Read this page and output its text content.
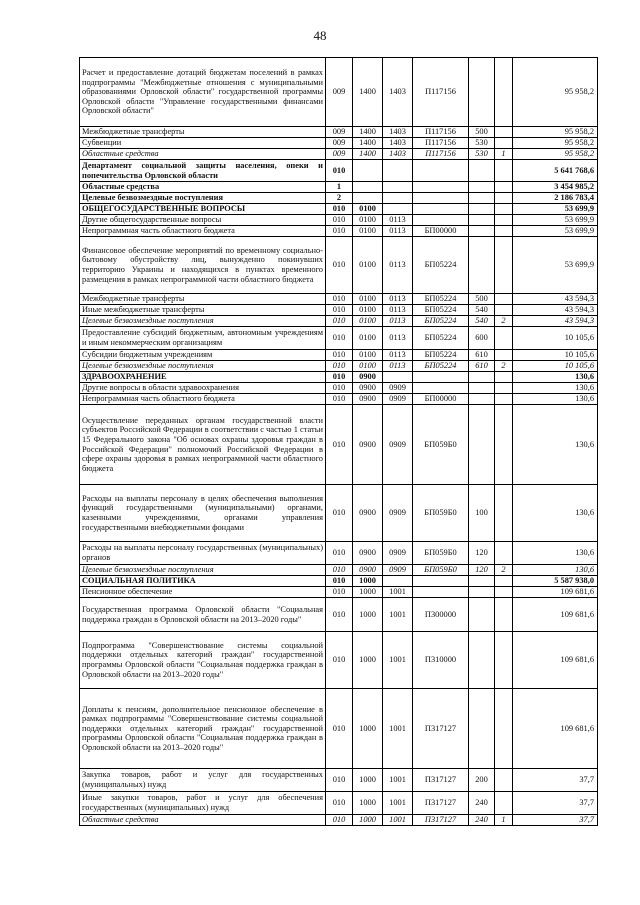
48
Расчет и предоставление дотаций бюджетам поселений в рамках подпрограммы "Межбюджетные отношения с муниципальными образованиями Орловской области" государственной программы Орловской области "Управление государственными финансами Орловской области"	009	1400	1403	П117156			95 958,2
Межбюджетные трансферты	009	1400	1403	П117156	500		95 958,2
Субвенции	009	1400	1403	П117156	530		95 958,2
Областные средства	009	1400	1403	П117156	530	1	95 958,2
Департамент социальной защиты населения, опеки и попечительства Орловской области	010						5 641 768,6
Областные средства	1						3 454 985,2
Целевые безвозмездные поступления	2						2 186 783,4
ОБЩЕГОСУДАРСТВЕННЫЕ ВОПРОСЫ	010	0100					53 699,9
Другие общегосударственные вопросы	010	0100	0113				53 699,9
Непрограммная часть областного бюджета	010	0100	0113	БП00000			53 699,9
Финансовое обеспечение мероприятий по временному социально-бытовому обустройству лиц, вынужденно покинувших территорию Украины и находящихся в пунктах временного размещения в рамках непрограммной части областного бюджета	010	0100	0113	БП05224			53 699,9
Межбюджетные трансферты	010	0100	0113	БП05224	500		43 594,3
Иные межбюджетные трансферты	010	0100	0113	БП05224	540		43 594,3
Целевые безвозмездные поступления	010	0100	0113	БП05224	540	2	43 594,3
Предоставление субсидий бюджетным, автономным учреждениям и иным некоммерческим организациям	010	0100	0113	БП05224	600		10 105,6
Субсидии бюджетным учреждениям	010	0100	0113	БП05224	610		10 105,6
Целевые безвозмездные поступления	010	0100	0113	БП05224	610	2	10 105,6
ЗДРАВООХРАНЕНИЕ	010	0900					130,6
Другие вопросы в области здравоохранения	010	0900	0909				130,6
Непрограммная часть областного бюджета	010	0900	0909	БП00000			130,6
Осуществление переданных органам государственной власти субъектов Российской Федерации в соответствии с частью 1 статьи 15 Федерального закона "Об основах охраны здоровья граждан в Российской Федерации" полномочий Российской Федерации в сфере охраны здоровья в рамках непрограммной части областного бюджета	010	0900	0909	БП059Б0			130,6
Расходы на выплаты персоналу в целях обеспечения выполнения функций государственными (муниципальными) органами, казенными учреждениями, органами управления государственными внебюджетными фондами	010	0900	0909	БП059Б0	100		130,6
Расходы на выплаты персоналу государственных (муниципальных) органов	010	0900	0909	БП059Б0	120		130,6
Целевые безвозмездные поступления	010	0900	0909	БП059Б0	120	2	130,6
СОЦИАЛЬНАЯ ПОЛИТИКА	010	1000					5 587 938,0
Пенсионное обеспечение	010	1000	1001				109 681,6
Государственная программа Орловской области "Социальная поддержка граждан в Орловской области на 2013–2020 годы"	010	1000	1001	П300000			109 681,6
Подпрограмма "Совершенствование системы социальной поддержки отдельных категорий граждан" государственной программы Орловской области "Социальная поддержка граждан в Орловской области на 2013–2020 годы"	010	1000	1001	П310000			109 681,6
Доплаты к пенсиям, дополнительное пенсионное обеспечение в рамках подпрограммы "Совершенствование системы социальной поддержки отдельных категорий граждан" государственной программы Орловской области "Социальная поддержка граждан в Орловской области на 2013–2020 годы"	010	1000	1001	П317127			109 681,6
Закупка товаров, работ и услуг для государственных (муниципальных) нужд	010	1000	1001	П317127	200		37,7
Иные закупки товаров, работ и услуг для обеспечения государственных (муниципальных) нужд	010	1000	1001	П317127	240		37,7
Областные средства	010	1000	1001	П317127	240	1	37,7
